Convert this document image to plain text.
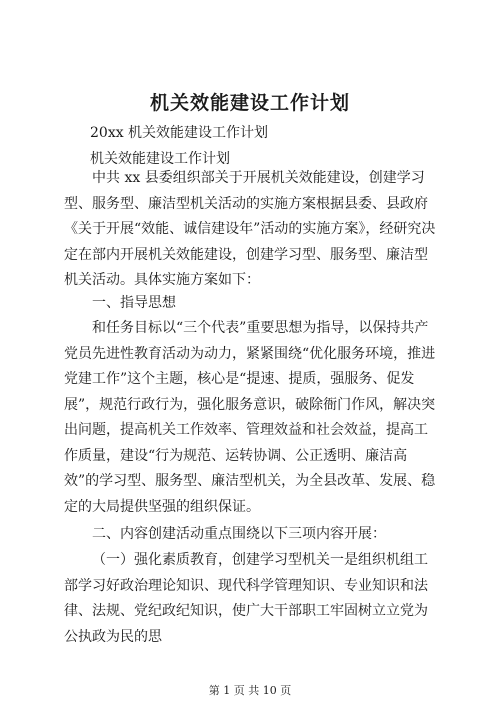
机关效能建设工作计划
20xx 机关效能建设工作计划
机关效能建设工作计划
中共 xx 县委组织部关于开展机关效能建设，创建学习型、服务型、廉洁型机关活动的实施方案根据县委、县政府《关于开展“效能、诚信建设年”活动的实施方案》，经研究决定在部内开展机关效能建设，创建学习型、服务型、廉洁型机关活动。具体实施方案如下：
一、指导思想
和任务目标以“三个代表”重要思想为指导，以保持共产党员先进性教育活动为动力，紧紧围绕“优化服务环境，推进党建工作”这个主题，核心是“提速、提质，强服务、促发展”，规范行政行为，强化服务意识，破除衙门作风，解决突出问题，提高机关工作效率、管理效益和社会效益，提高工作质量，建设“行为规范、运转协调、公正透明、廉洁高效”的学习型、服务型、廉洁型机关，为全县改革、发展、稳定的大局提供坚强的组织保证。
二、内容创建活动重点围绕以下三项内容开展：
（一）强化素质教育，创建学习型机关一是组织机组工部学习好政治理论知识、现代科学管理知识、专业知识和法律、法规、党纪政纪知识，使广大干部职工牢固树立立党为公执政为民的思
第 1 页 共 10 页
